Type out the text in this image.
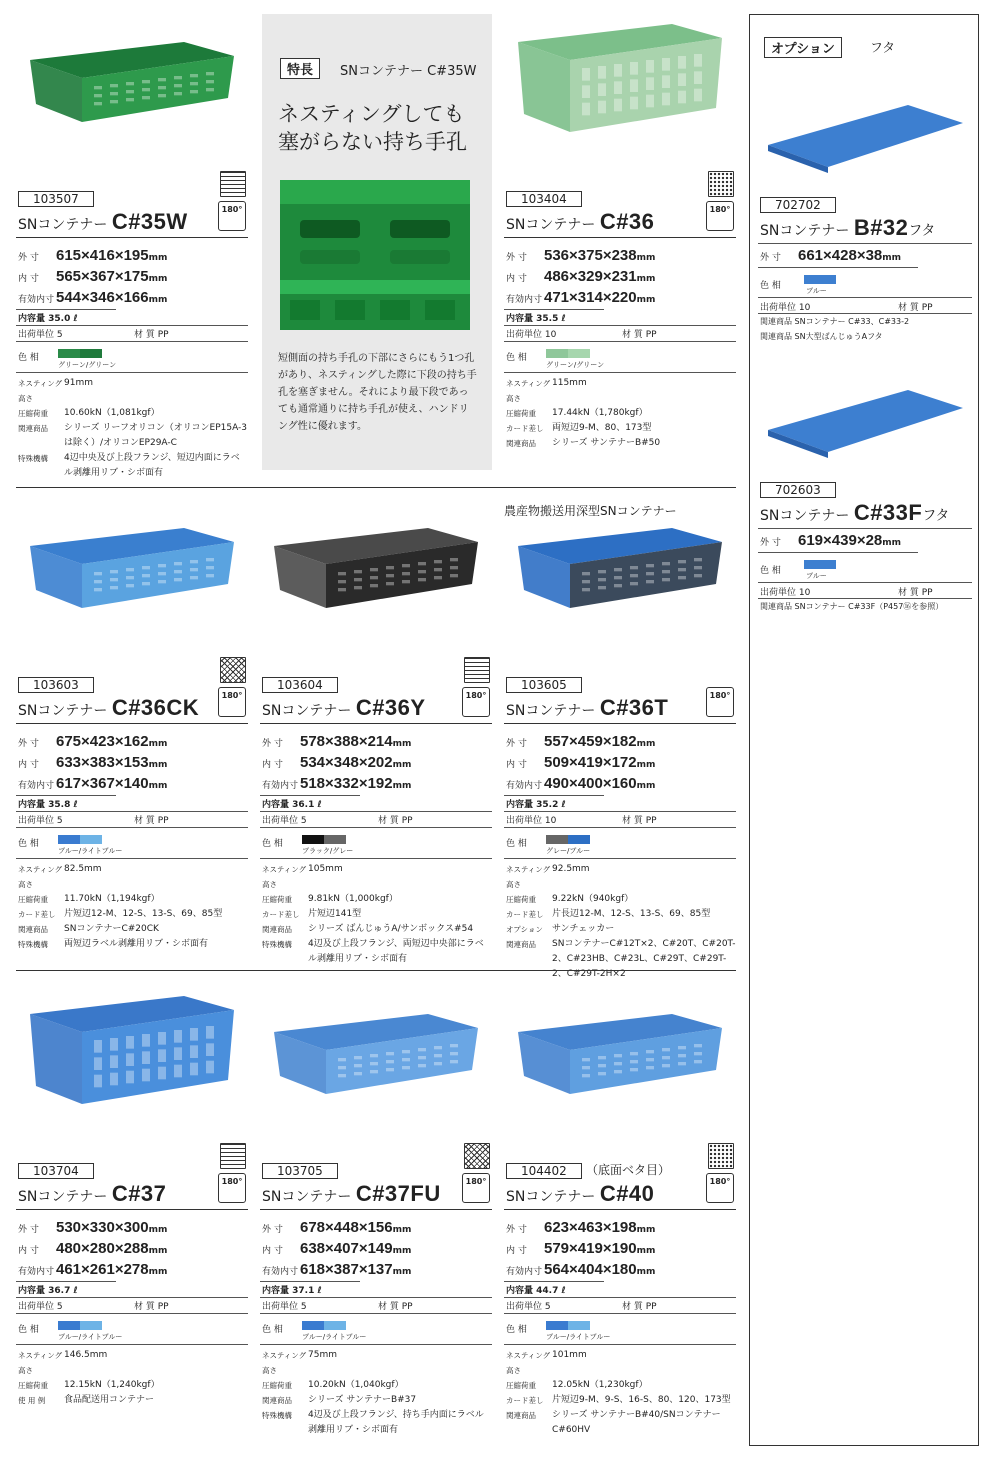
特長	SNコンテナー C#35W
ネスティングしても
塞がらない持ち手孔
短側面の持ち手孔の下部にさらにもう1つ孔があり、ネスティングした際に下段の持ち手孔を塞ぎません。それにより最下段であっても通常通りに持ち手孔が使え、ハンドリング性に優れます。
103507
180°
SNコンテナー C#35W
外 寸 615×416×195mm
内 寸 565×367×175mm
有効内寸 544×346×166mm
内容量 35.0 ℓ
出荷単位 5	材 質 PP
色 相
グリーン/グリーン
ネスティング高さ91mm
圧縮荷重 10.60kN（1,081kgf）
関連商品 シリーズ リーフオリコン（オリコンEP15A-3は除く）/オリコンEP29A-C
特殊機構 4辺中央及び上段フランジ、短辺内面にラベル剥離用リブ・シボ面有
103404
180°
SNコンテナー C#36
外 寸 536×375×238mm
内 寸 486×329×231mm
有効内寸 471×314×220mm
内容量 35.5 ℓ
出荷単位 10	材 質 PP
色 相
グリーン/グリーン
ネスティング高さ115mm
圧縮荷重 17.44kN（1,780kgf）
カード差し 両短辺9-M、80、173型
関連商品 シリーズ サンテナーB#50
103603
180°
SNコンテナー C#36CK
外 寸 675×423×162mm
内 寸 633×383×153mm
有効内寸 617×367×140mm
内容量 35.8 ℓ
出荷単位 5	材 質 PP
色 相
ブルー/ライトブルー
ネスティング高さ82.5mm
圧縮荷重 11.70kN（1,194kgf）
カード差し 片短辺12-M、12-S、13-S、69、85型
関連商品 SNコンテナーC#20CK
特殊機構 両短辺ラベル剥離用リブ・シボ面有
103604
180°
SNコンテナー C#36Y
外 寸 578×388×214mm
内 寸 534×348×202mm
有効内寸 518×332×192mm
内容量 36.1 ℓ
出荷単位 5	材 質 PP
色 相
ブラック/グレー
ネスティング高さ105mm
圧縮荷重 9.81kN（1,000kgf）
カード差し 片短辺141型
関連商品 シリーズ ばんじゅうA/サンボックス#54
特殊機構 4辺及び上段フランジ、両短辺中央部にラベル剥離用リブ・シボ面有
103605
180°
SNコンテナー C#36T
外 寸 557×459×182mm
内 寸 509×419×172mm
有効内寸 490×400×160mm
内容量 35.2 ℓ
出荷単位 10	材 質 PP
色 相
グレー/ブルー
ネスティング高さ92.5mm
圧縮荷重 9.22kN（940kgf）
カード差し 片長辺12-M、12-S、13-S、69、85型
オプション サンチェッカー
関連商品 SNコンテナーC#12T×2、C#20T、C#20T-2、C#23HB、C#23L、C#29T、C#29T-2、C#29T-2H×2
103704
180°
SNコンテナー C#37
外 寸 530×330×300mm
内 寸 480×280×288mm
有効内寸 461×261×278mm
内容量 36.7 ℓ
出荷単位 5	材 質 PP
色 相
ブルー/ライトブルー
ネスティング高さ146.5mm
圧縮荷重 12.15kN（1,240kgf）
使 用 例 食品配送用コンテナー
103705
180°
SNコンテナー C#37FU
外 寸 678×448×156mm
内 寸 638×407×149mm
有効内寸 618×387×137mm
内容量 37.1 ℓ
出荷単位 5	材 質 PP
色 相
ブルー/ライトブルー
ネスティング高さ75mm
圧縮荷重 10.20kN（1,040kgf）
関連商品 シリーズ サンテナーB#37
特殊機構 4辺及び上段フランジ、持ち手内面にラベル剥離用リブ・シボ面有
104402	（底面ベタ目）
180°
SNコンテナー C#40
外 寸 623×463×198mm
内 寸 579×419×190mm
有効内寸 564×404×180mm
内容量 44.7 ℓ
出荷単位 5	材 質 PP
色 相
ブルー/ライトブルー
ネスティング高さ101mm
圧縮荷重 12.05kN（1,230kgf）
カード差し 片短辺9-M、9-S、16-S、80、120、173型
関連商品 シリーズ サンテナーB#40/SNコンテナーC#60HV
農産物搬送用深型SNコンテナー
オプション	フタ
702702
SNコンテナー B#32フタ
外 寸 661×428×38mm
色 相	ブルー
出荷単位 10	材 質 PP
関連商品 SNコンテナー C#33、C#33-2
関連商品 SN大型ばんじゅうAフタ
702603
SNコンテナー C#33Fフタ
外 寸 619×439×28mm
色 相	ブルー
出荷単位 10	材 質 PP
関連商品 SNコンテナー C#33F（P457⑯を参照）
